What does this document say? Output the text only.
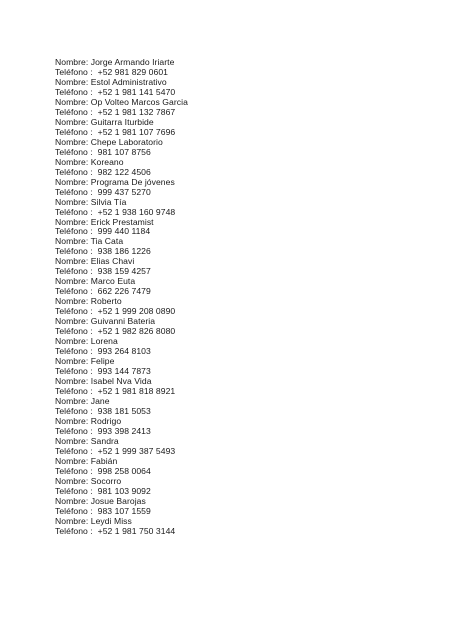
Nombre: Jorge Armando Iriarte
Teléfono :  +52 981 829 0601
Nombre: Estol Administrativo
Teléfono :  +52 1 981 141 5470
Nombre: Op Volteo Marcos Garcia
Teléfono :  +52 1 981 132 7867
Nombre: Guitarra Iturbide
Teléfono :  +52 1 981 107 7696
Nombre: Chepe Laboratorio
Teléfono :  981 107 8756
Nombre: Koreano
Teléfono :  982 122 4506
Nombre: Programa De jóvenes
Teléfono :  999 437 5270
Nombre: Silvia Tía
Teléfono :  +52 1 938 160 9748
Nombre: Erick Prestamist
Teléfono :  999 440 1184
Nombre: Tia Cata
Teléfono :  938 186 1226
Nombre: Elias Chavi
Teléfono :  938 159 4257
Nombre: Marco Euta
Teléfono :  662 226 7479
Nombre: Roberto
Teléfono :  +52 1 999 208 0890
Nombre: Guivanni Bateria
Teléfono :  +52 1 982 826 8080
Nombre: Lorena
Teléfono :  993 264 8103
Nombre: Felipe
Teléfono :  993 144 7873
Nombre: Isabel Nva Vida
Teléfono :  +52 1 981 818 8921
Nombre: Jane
Teléfono :  938 181 5053
Nombre: Rodrigo
Teléfono :  993 398 2413
Nombre: Sandra
Teléfono :  +52 1 999 387 5493
Nombre: Fabián
Teléfono :  998 258 0064
Nombre: Socorro
Teléfono :  981 103 9092
Nombre: Josue Barojas
Teléfono :  983 107 1559
Nombre: Leydi Miss
Teléfono :  +52 1 981 750 3144
